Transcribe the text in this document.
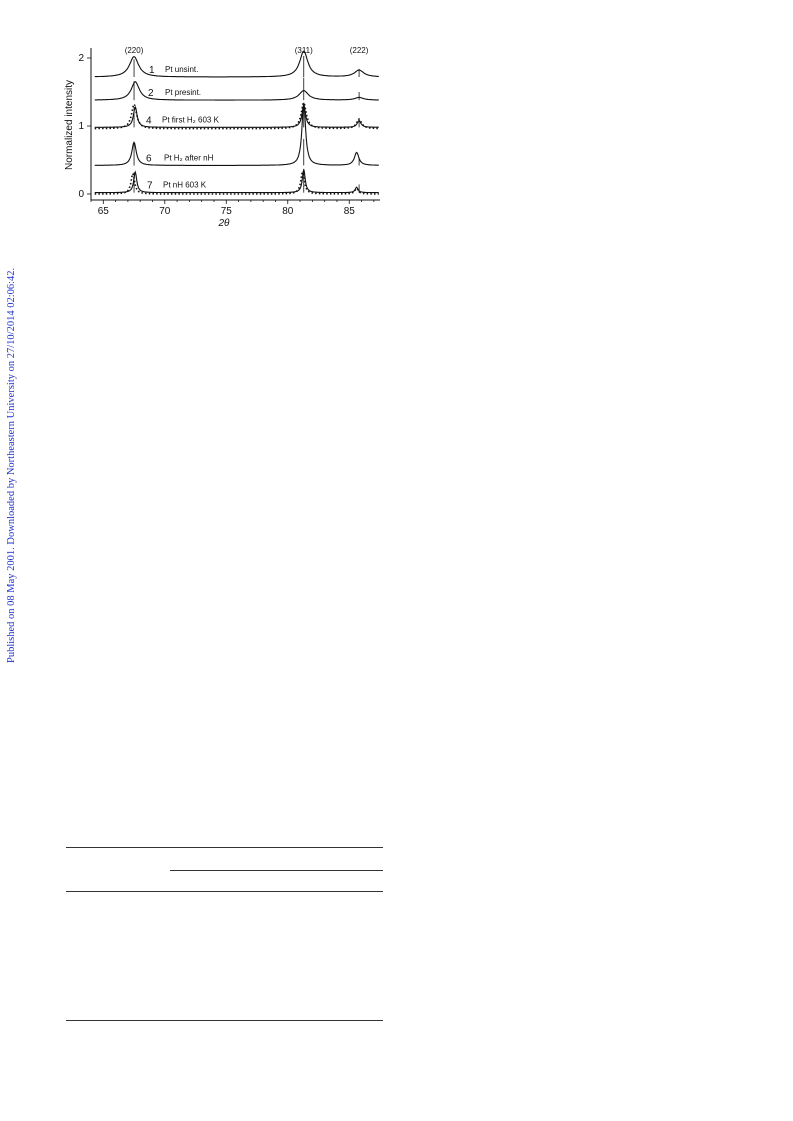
Published on 08 May 2001. Downloaded by Northeastern University on 27/10/2014 02:06:42.
65	70	75	80	85
0
1
2
(220)	(311)	(222)
1 Pt unsint.
2 Pt presint.
4 Pt first H₂ 603 K
6 Pt H₂ after nH
7 Pt nH 603 K
Normalized intensity
2θ
